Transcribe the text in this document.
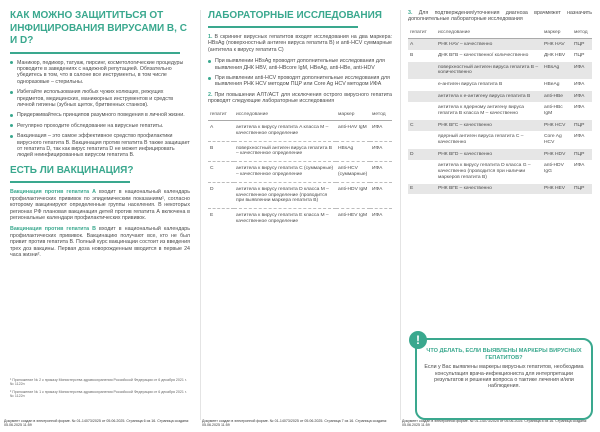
КАК МОЖНО ЗАЩИТИТЬСЯ ОТ ИНФИЦИРОВАНИЯ ВИРУСАМИ B, C И D?
Маникюр, педикюр, татуаж, пирсинг, косметологические процедуры проводите в заведениях с надежной репутацией. Обязательно убедитесь в том, что в салоне все инструменты, в том числе одноразовые – стерильны.
Избегайте использования любых чужих колющих, режущих предметов, медицинских, маникюрных инструментов и средств личной гигиены (зубных щеток, бритвенных станков).
Придерживайтесь принципов разумного поведения в личной жизни.
Регулярно проходите обследование на вирусные гепатиты.
Вакцинация – это самое эффективное средство профилактики вирусного гепатита B. Вакцинация против гепатита B также защищает от гепатита D, так как вирус гепатита D не может инфицировать людей неинфицированных вирусом гепатита B.
ЕСТЬ ЛИ ВАКЦИНАЦИЯ?

Вакцинация против гепатита А входит в национальный календарь профилактических прививок по эпидемическим показаниям¹, согласно которому вакцинируют определенные группы населения. В некоторых регионах РФ плановая вакцинация детей против гепатита А включена в региональные календари профилактических прививок.

Вакцинация против гепатита B входит в национальный календарь профилактических прививок. Вакцинацию получают все, кто не был привит против гепатита B. Полный курс вакцинации состоит из введения трех доз вакцины. Первая доза новорожденным вводится в первые 24 часа жизни².

¹ Приложение № 2 к приказу Министерства здравоохранения Российской Федерации от 6 декабря 2021 г. № 1122н
² Приложение № 1 к приказу Министерства здравоохранения Российской Федерации от 6 декабря 2021 г. № 1122н
Документ создан в электронной форме. № 01-14073/2025 от 05.06.2025. Страница 6 из 16. Страница создана: 05.06.2025 11:59
ЛАБОРАТОРНЫЕ ИССЛЕДОВАНИЯ

1. В скрининг вирусных гепатитов входят исследования на два маркера: HBsAg (поверхностный антиген вируса гепатита B) и anti-HCV суммарные (антитела к вирусу гепатита C)

При выявлении HBsAg проводят дополнительные исследования для выявления ДНК HBV, anti-HBcore IgM, HBeAg, anti-HBe, anti-HDV
При выявлении anti-HCV проводят дополнительные исследования для выявления РНК HCV методом ПЦР или Core Ag HCV методом ИФА

2. При повышении АЛТ/АСТ для исключения острого вирусного гепатита проводят следующие лабораторные исследования

гепатит	исследование	маркер	метод
A	антитела к вирусу гепатита A класса M – качественное определение	anti-HAV IgM	ИФА
B	поверхностный антиген вируса гепатита B – качественное определение	HBsAg	ИФА
C	антитела к вирусу гепатита C (суммарные) – качественное определение	anti-HCV (суммарные)	ИФА
D	антитела к вирусу гепатита D класса M – качественное определение (проводится при выявлении маркера гепатита B)	anti-HDV IgM	ИФА
E	антитела к вирусу гепатита E класса M – качественное определение	anti-HEV IgM	ИФА
Документ создан в электронной форме. № 01-14073/2025 от 05.06.2025. Страница 7 из 16. Страница создана: 05.06.2025 11:59

3. Для подтверждения/уточнения диагноза врачмежет назначить дополнительные лабораторные исследования

гепатит	исследование	маркер	метод
A	РНК HAV – качественно	РНК HAV	ПЦР
B	ДНК ВГВ – качественно/ количественно	ДНК HBV	ПЦР
	поверхностный антиген вируса гепатита B – количественно	HBsAg	ИФА
	e-антиген вируса гепатита B	HBeAg	ИФА
	антитела к e-антигену вируса гепатита B	anti-HBe	ИФА
	антитела к ядерному антигену вируса гепатита B класса M – качественно	anti-HBc IgM	ИФА
C	РНК ВГС – качественно	РНК HCV	ПЦР
	ядерный антиген вируса гепатита C – качественно	Core Ag HCV	ИФА
D	РНК ВГD – качественно	РНК HDV	ПЦР
	антитела к вирусу гепатита D класса G – качественно (проводится при наличии маркеров гепатита B)	anti-HDV IgG	ИФА
E	РНК ВГЕ – качественно	РНК HEV	ПЦР
Документ создан в электронной форме. № 01-14073/2025 от 05.06.2025. Страница 8 из 16. Страница создана: 05.06.2025 11:59
!
ЧТО ДЕЛАТЬ, ЕСЛИ ВЫЯВЛЕНЫ МАРКЕРЫ ВИРУСНЫХ ГЕПАТИТОВ?

Если у Вас выявлены маркеры вирусных гепатитов, необходима консультация врача-инфекциониста для интерпретации результатов и решения вопроса о тактике лечения и/или наблюдения.
